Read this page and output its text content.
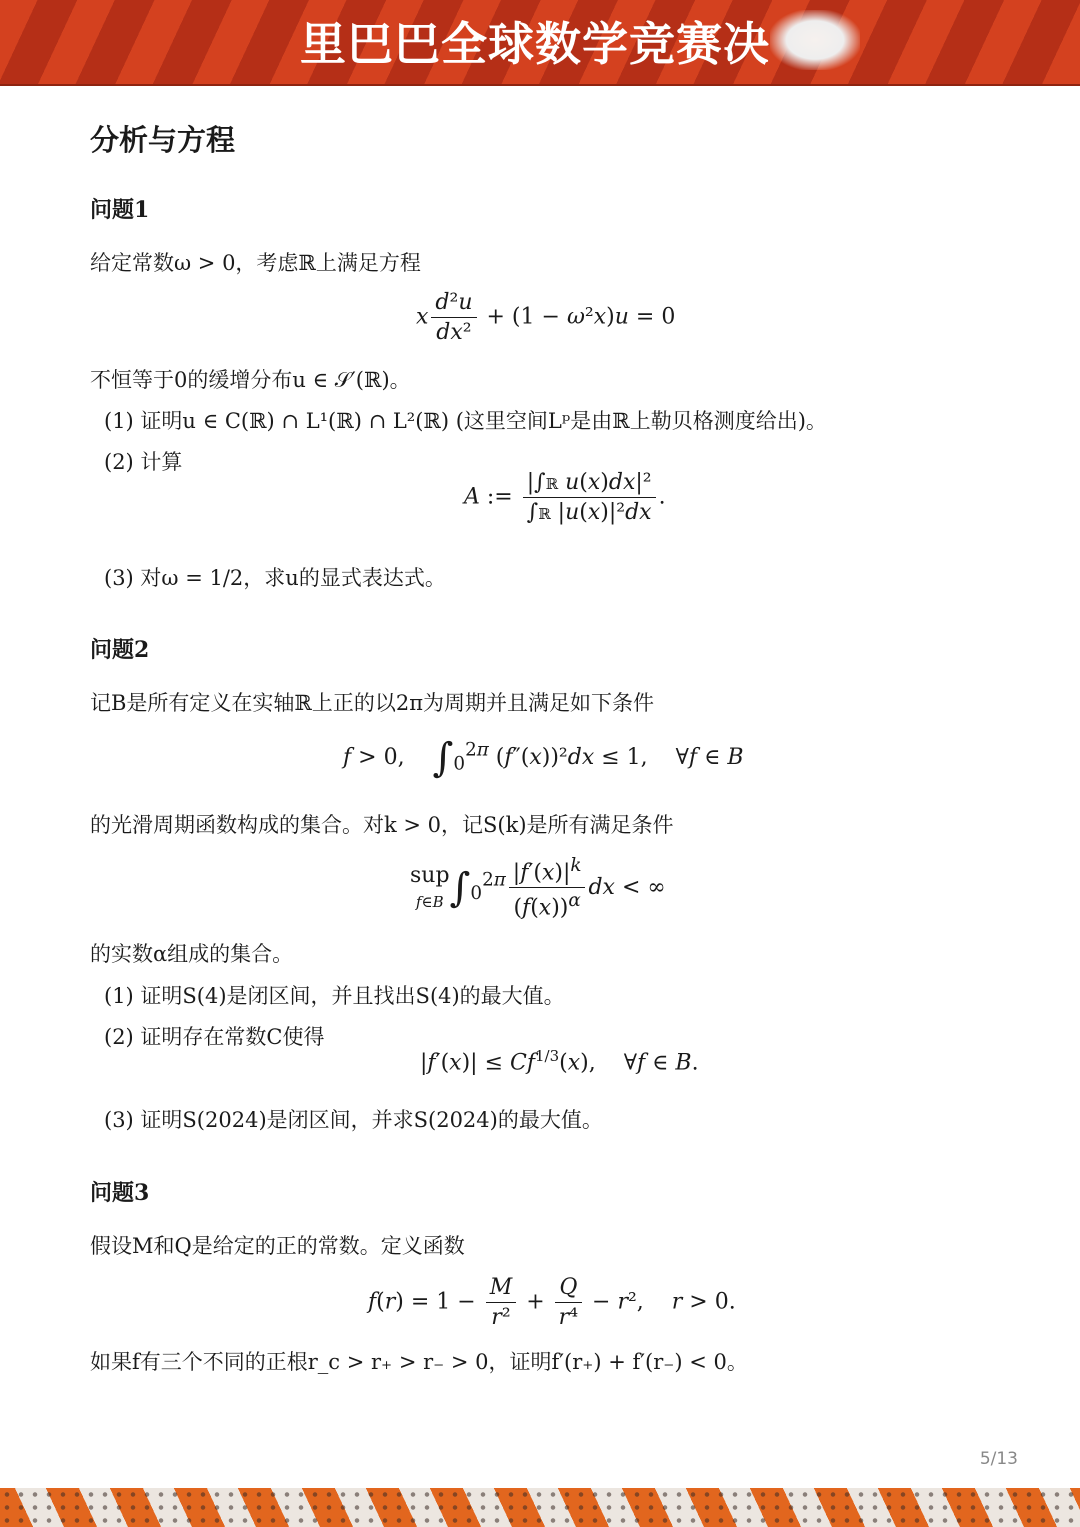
里巴巴全球数学竞赛决
分析与方程
问题1
给定常数ω > 0，考虑ℝ上满足方程
x $\frac{\text{d²u}}{\text{dx²}} + (1 - \omega^2x)u = 0$
不恒等于0的缓增分布u ∈ 𝒮′(ℝ)。
(1) 证明u ∈ C(ℝ) ∩ L¹(ℝ) ∩ L²(ℝ) (这里空间Lᵖ是由ℝ上勒贝格测度给出)。
(2) 计算
A := $\frac{\text{|∫ℝ u(x)dx|²}}{\text{∫ℝ |u(x)|²dx}}$ .
(3) 对ω = 1/2，求u的显式表达式。
问题2
记B是所有定义在实轴ℝ上正的以2π为周期并且满足如下条件
f > 0,    $\int_0^{2\pi}$ (f″(x))²dx ≤ 1,    ∀f ∈ B
的光滑周期函数构成的集合。对k > 0，记S(k)是所有满足条件
sup
f∈B $\int_0^{2\pi} \frac{|f'(x)|^k}{(f(x))^\alpha}$ dx < ∞
的实数α组成的集合。
(1) 证明S(4)是闭区间，并且找出S(4)的最大值。
(2) 证明存在常数C使得
$|f'(x)| \le Cf^{1/3}(x)$,    ∀f ∈ B.
(3) 证明S(2024)是闭区间，并求S(2024)的最大值。
问题3
假设M和Q是给定的正的常数。定义函数
$f(r) = 1 - \frac{M}{\text{r²}} + \frac{Q}{\text{r⁴}} - r^2$,    r > 0.
如果f有三个不同的正根r_c > r₊ > r₋ > 0，证明f′(r₊) + f′(r₋) < 0。
5/13
